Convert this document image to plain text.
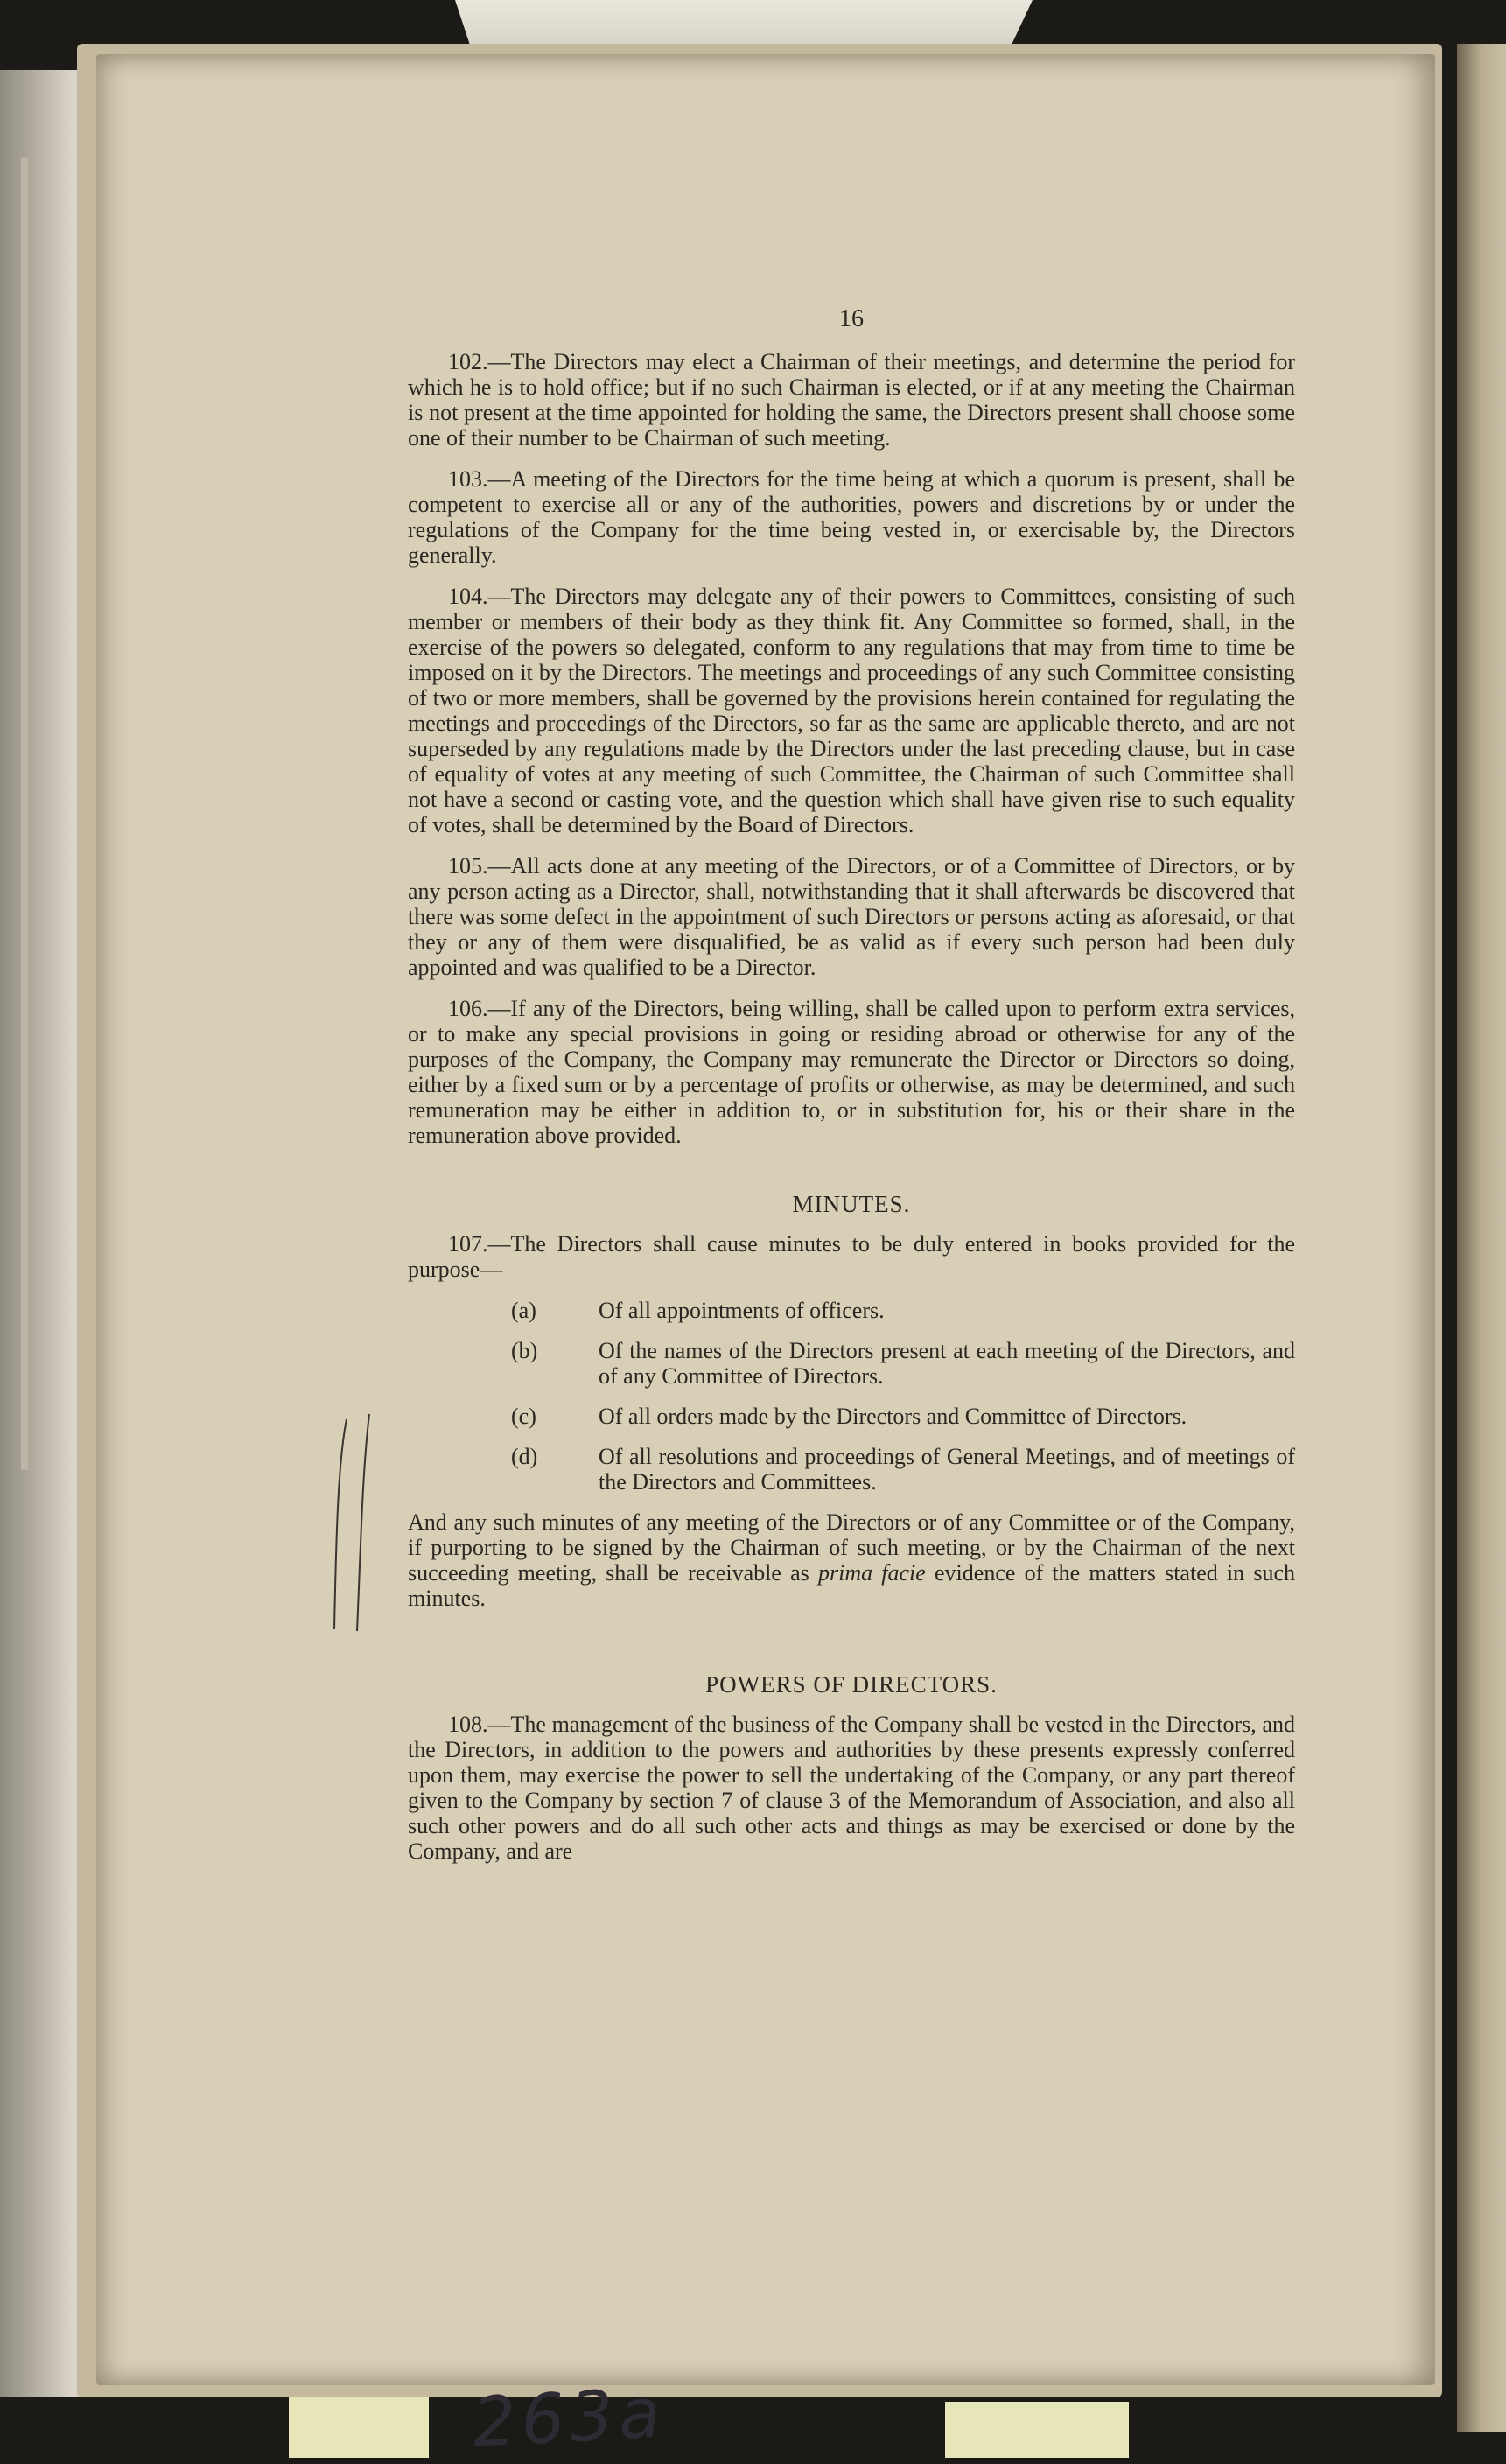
16

102.—The Directors may elect a Chairman of their meetings, and determine the period for which he is to hold office; but if no such Chairman is elected, or if at any meeting the Chairman is not present at the time appointed for holding the same, the Directors present shall choose some one of their number to be Chairman of such meeting.

103.—A meeting of the Directors for the time being at which a quorum is present, shall be competent to exercise all or any of the authorities, powers and discretions by or under the regulations of the Company for the time being vested in, or exercisable by, the Directors generally.

104.—The Directors may delegate any of their powers to Committees, consisting of such member or members of their body as they think fit. Any Committee so formed, shall, in the exercise of the powers so delegated, conform to any regulations that may from time to time be imposed on it by the Directors. The meetings and proceedings of any such Committee consisting of two or more members, shall be governed by the provisions herein contained for regulating the meetings and proceedings of the Directors, so far as the same are applicable thereto, and are not superseded by any regulations made by the Directors under the last preceding clause, but in case of equality of votes at any meeting of such Committee, the Chairman of such Committee shall not have a second or casting vote, and the question which shall have given rise to such equality of votes, shall be determined by the Board of Directors.

105.—All acts done at any meeting of the Directors, or of a Committee of Directors, or by any person acting as a Director, shall, notwithstanding that it shall afterwards be discovered that there was some defect in the appointment of such Directors or persons acting as aforesaid, or that they or any of them were disqualified, be as valid as if every such person had been duly appointed and was qualified to be a Director.

106.—If any of the Directors, being willing, shall be called upon to perform extra services, or to make any special provisions in going or residing abroad or otherwise for any of the purposes of the Company, the Company may remunerate the Director or Directors so doing, either by a fixed sum or by a percentage of profits or otherwise, as may be determined, and such remuneration may be either in addition to, or in substitution for, his or their share in the remuneration above provided.

MINUTES.

107.—The Directors shall cause minutes to be duly entered in books provided for the purpose—

(a)	Of all appointments of officers.
(b)	Of the names of the Directors present at each meeting of the Directors, and of any Committee of Directors.
(c)	Of all orders made by the Directors and Committee of Directors.
(d)	Of all resolutions and proceedings of General Meetings, and of meetings of the Directors and Committees.

And any such minutes of any meeting of the Directors or of any Committee or of the Company, if purporting to be signed by the Chairman of such meeting, or by the Chairman of the next succeeding meeting, shall be receivable as prima facie evidence of the matters stated in such minutes.

POWERS OF DIRECTORS.

108.—The management of the business of the Company shall be vested in the Directors, and the Directors, in addition to the powers and authorities by these presents expressly conferred upon them, may exercise the power to sell the undertaking of the Company, or any part thereof given to the Company by section 7 of clause 3 of the Memorandum of Association, and also all such other powers and do all such other acts and things as may be exercised or done by the Company, and are

263a
